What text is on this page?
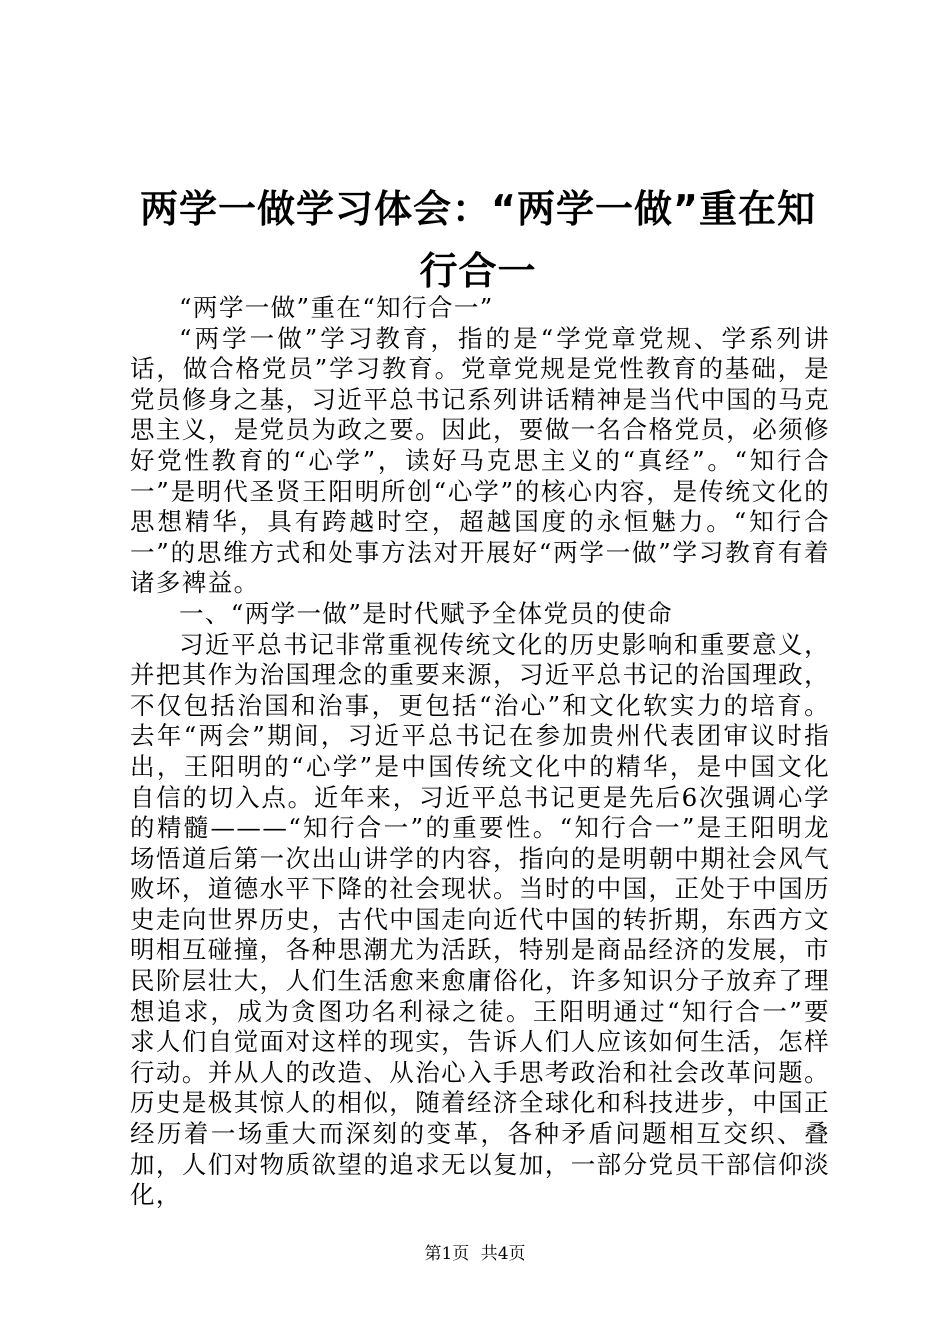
两学一做学习体会：“两学一做”重在知行合一

“两学一做”重在“知行合一”

“两学一做”学习教育，指的是“学党章党规、学系列讲话，做合格党员”学习教育。党章党规是党性教育的基础，是党员修身之基，习近平总书记系列讲话精神是当代中国的马克思主义，是党员为政之要。因此，要做一名合格党员，必须修好党性教育的“心学”，读好马克思主义的“真经”。“知行合一”是明代圣贤王阳明所创“心学”的核心内容，是传统文化的思想精华，具有跨越时空，超越国度的永恒魅力。“知行合一”的思维方式和处事方法对开展好“两学一做”学习教育有着诸多裨益。

一、“两学一做”是时代赋予全体党员的使命

习近平总书记非常重视传统文化的历史影响和重要意义，并把其作为治国理念的重要来源，习近平总书记的治国理政，不仅包括治国和治事，更包括“治心”和文化软实力的培育。去年“两会”期间，习近平总书记在参加贵州代表团审议时指出，王阳明的“心学”是中国传统文化中的精华，是中国文化自信的切入点。近年来，习近平总书记更是先后6次强调心学的精髓———“知行合一”的重要性。“知行合一”是王阳明龙场悟道后第一次出山讲学的内容，指向的是明朝中期社会风气败坏，道德水平下降的社会现状。当时的中国，正处于中国历史走向世界历史，古代中国走向近代中国的转折期，东西方文明相互碰撞，各种思潮尤为活跃，特别是商品经济的发展，市民阶层壮大，人们生活愈来愈庸俗化，许多知识分子放弃了理想追求，成为贪图功名利禄之徒。王阳明通过“知行合一”要求人们自觉面对这样的现实，告诉人们人应该如何生活，怎样行动。并从人的改造、从治心入手思考政治和社会改革问题。历史是极其惊人的相似，随着经济全球化和科技进步，中国正经历着一场重大而深刻的变革，各种矛盾问题相互交织、叠加，人们对物质欲望的追求无以复加，一部分党员干部信仰淡化，

第1页 共4页
